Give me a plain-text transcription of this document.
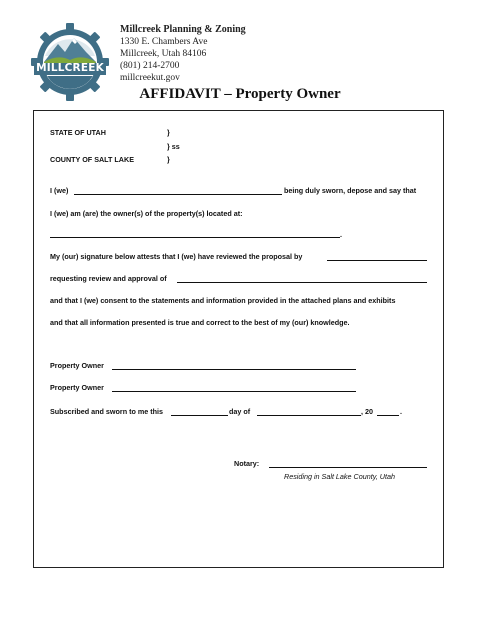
MILLCREEK
Millcreek Planning & Zoning
1330 E. Chambers Ave
Millcreek, Utah 84106
(801) 214-2700
millcreekut.gov
AFFIDAVIT – Property Owner
STATE OF UTAH	}
} ss
COUNTY OF SALT LAKE	}
I (we)	being duly sworn, depose and say that
I (we) am (are) the owner(s) of the property(s) located at:
.
My (our) signature below attests that I (we) have reviewed the proposal by
requesting review and approval of
and that I (we) consent to the statements and information provided in the attached plans and exhibits
and that all information presented is true and correct to the best of my (our) knowledge.
Property Owner
Property Owner
Subscribed and sworn to me this	day of	, 20	.
Notary:
Residing in Salt Lake County, Utah
